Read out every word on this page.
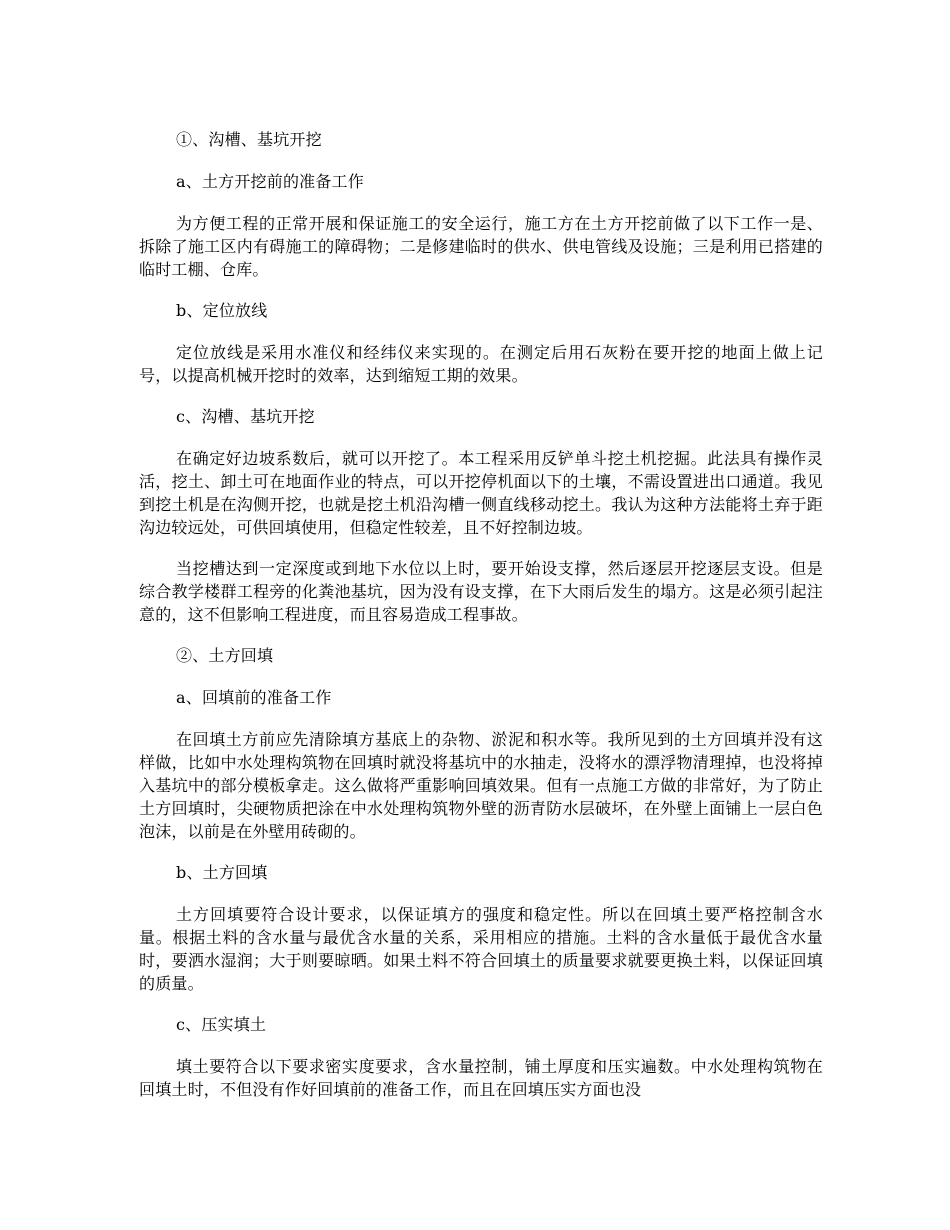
①、沟槽、基坑开挖

a、土方开挖前的准备工作

为方便工程的正常开展和保证施工的安全运行，施工方在土方开挖前做了以下工作一是、拆除了施工区内有碍施工的障碍物；二是修建临时的供水、供电管线及设施；三是利用已搭建的临时工棚、仓库。

b、定位放线

定位放线是采用水准仪和经纬仪来实现的。在测定后用石灰粉在要开挖的地面上做上记号，以提高机械开挖时的效率，达到缩短工期的效果。

c、沟槽、基坑开挖

在确定好边坡系数后，就可以开挖了。本工程采用反铲单斗挖土机挖掘。此法具有操作灵活，挖土、卸土可在地面作业的特点，可以开挖停机面以下的土壤，不需设置进出口通道。我见到挖土机是在沟侧开挖，也就是挖土机沿沟槽一侧直线移动挖土。我认为这种方法能将土弃于距沟边较远处，可供回填使用，但稳定性较差，且不好控制边坡。

当挖槽达到一定深度或到地下水位以上时，要开始设支撑，然后逐层开挖逐层支设。但是综合教学楼群工程旁的化粪池基坑，因为没有设支撑，在下大雨后发生的塌方。这是必须引起注意的，这不但影响工程进度，而且容易造成工程事故。

②、土方回填

a、回填前的准备工作

在回填土方前应先清除填方基底上的杂物、淤泥和积水等。我所见到的土方回填并没有这样做，比如中水处理构筑物在回填时就没将基坑中的水抽走，没将水的漂浮物清理掉，也没将掉入基坑中的部分模板拿走。这么做将严重影响回填效果。但有一点施工方做的非常好，为了防止土方回填时，尖硬物质把涂在中水处理构筑物外壁的沥青防水层破坏，在外壁上面铺上一层白色泡沫，以前是在外壁用砖砌的。

b、土方回填

土方回填要符合设计要求，以保证填方的强度和稳定性。所以在回填土要严格控制含水量。根据土料的含水量与最优含水量的关系，采用相应的措施。土料的含水量低于最优含水量时，要洒水湿润；大于则要晾晒。如果土料不符合回填土的质量要求就要更换土料，以保证回填的质量。

c、压实填土

填土要符合以下要求密实度要求，含水量控制，铺土厚度和压实遍数。中水处理构筑物在回填土时，不但没有作好回填前的准备工作，而且在回填压实方面也没
